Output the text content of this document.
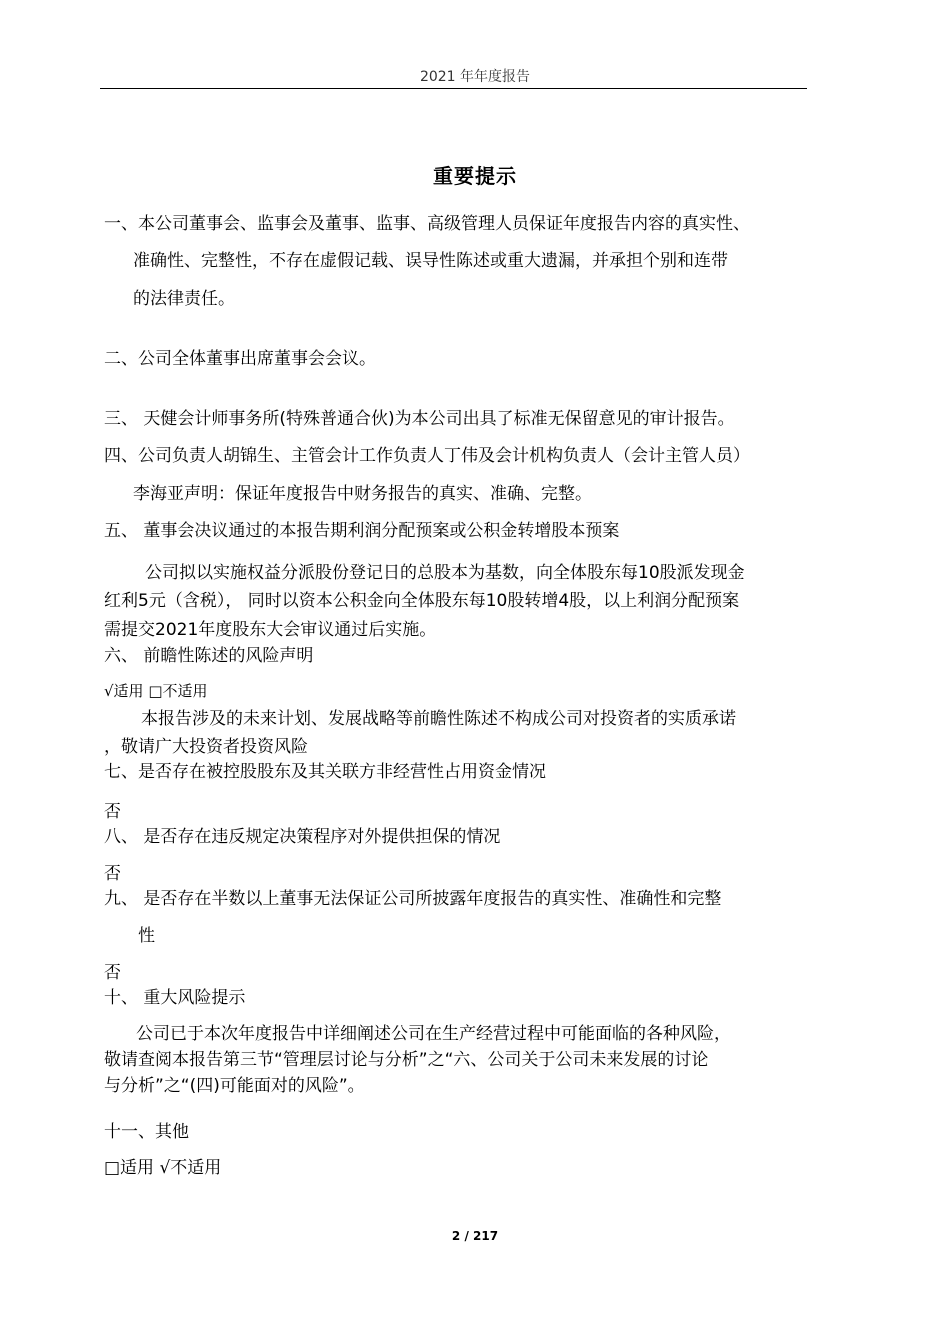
2021 年年度报告
重要提示
一、本公司董事会、监事会及董事、监事、高级管理人员保证年度报告内容的真实性、
准确性、完整性，不存在虚假记载、误导性陈述或重大遗漏，并承担个别和连带
的法律责任。
二、公司全体董事出席董事会会议。
三、 天健会计师事务所(特殊普通合伙)为本公司出具了标准无保留意见的审计报告。
四、公司负责人胡锦生、主管会计工作负责人丁伟及会计机构负责人（会计主管人员）
李海亚声明：保证年度报告中财务报告的真实、准确、完整。
五、 董事会决议通过的本报告期利润分配预案或公积金转增股本预案
公司拟以实施权益分派股份登记日的总股本为基数，向全体股东每10股派发现金
红利5元（含税）， 同时以资本公积金向全体股东每10股转增4股，以上利润分配预案
需提交2021年度股东大会审议通过后实施。
六、 前瞻性陈述的风险声明
√适用 □不适用
本报告涉及的未来计划、发展战略等前瞻性陈述不构成公司对投资者的实质承诺
，敬请广大投资者投资风险
七、是否存在被控股股东及其关联方非经营性占用资金情况
否
八、 是否存在违反规定决策程序对外提供担保的情况
否
九、 是否存在半数以上董事无法保证公司所披露年度报告的真实性、准确性和完整
性
否
十、 重大风险提示
公司已于本次年度报告中详细阐述公司在生产经营过程中可能面临的各种风险，
敬请查阅本报告第三节“管理层讨论与分析”之“六、公司关于公司未来发展的讨论
与分析”之“(四)可能面对的风险”。
十一、其他
□适用 √不适用
2 / 217
